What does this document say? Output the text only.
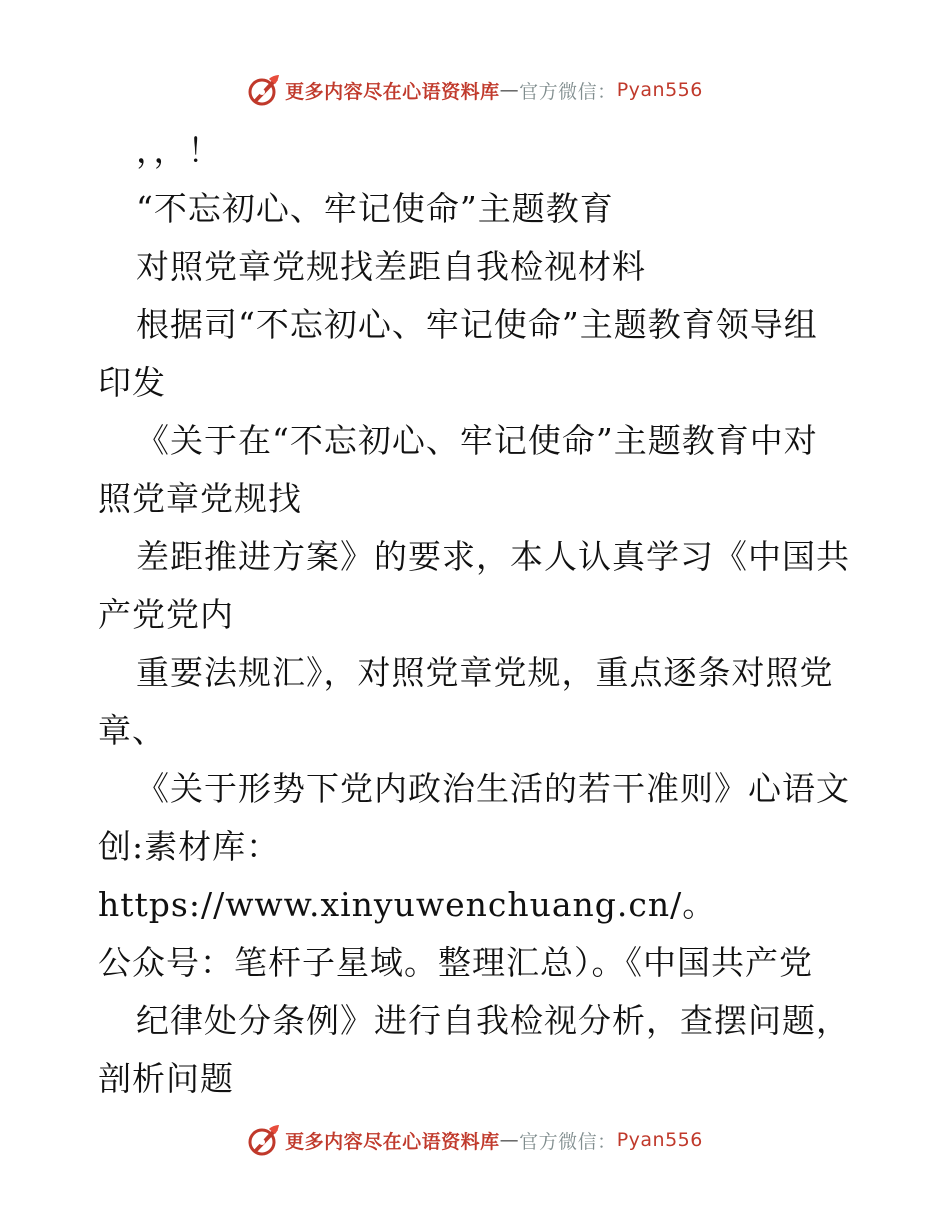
更多内容尽在心语资料库 — 官方微信： Pyan556

，，！

“不忘初心、牢记使命”主题教育

对照党章党规找差距自我检视材料

根据司“不忘初心、牢记使命”主题教育领导组

印发

《关于在“不忘初心、牢记使命”主题教育中对

照党章党规找

差距推进方案》的要求，本人认真学习《中国共

产党党内

重要法规汇》，对照党章党规，重点逐条对照党

章、

《关于形势下党内政治生活的若干准则》心语文

创:素材库：https://www.xinyuwenchuang.cn/。

公众号：笔杆子星域。整理汇总）。《中国共产党

纪律处分条例》进行自我检视分析，查摆问题，

剖析问题

更多内容尽在心语资料库 — 官方微信： Pyan556
